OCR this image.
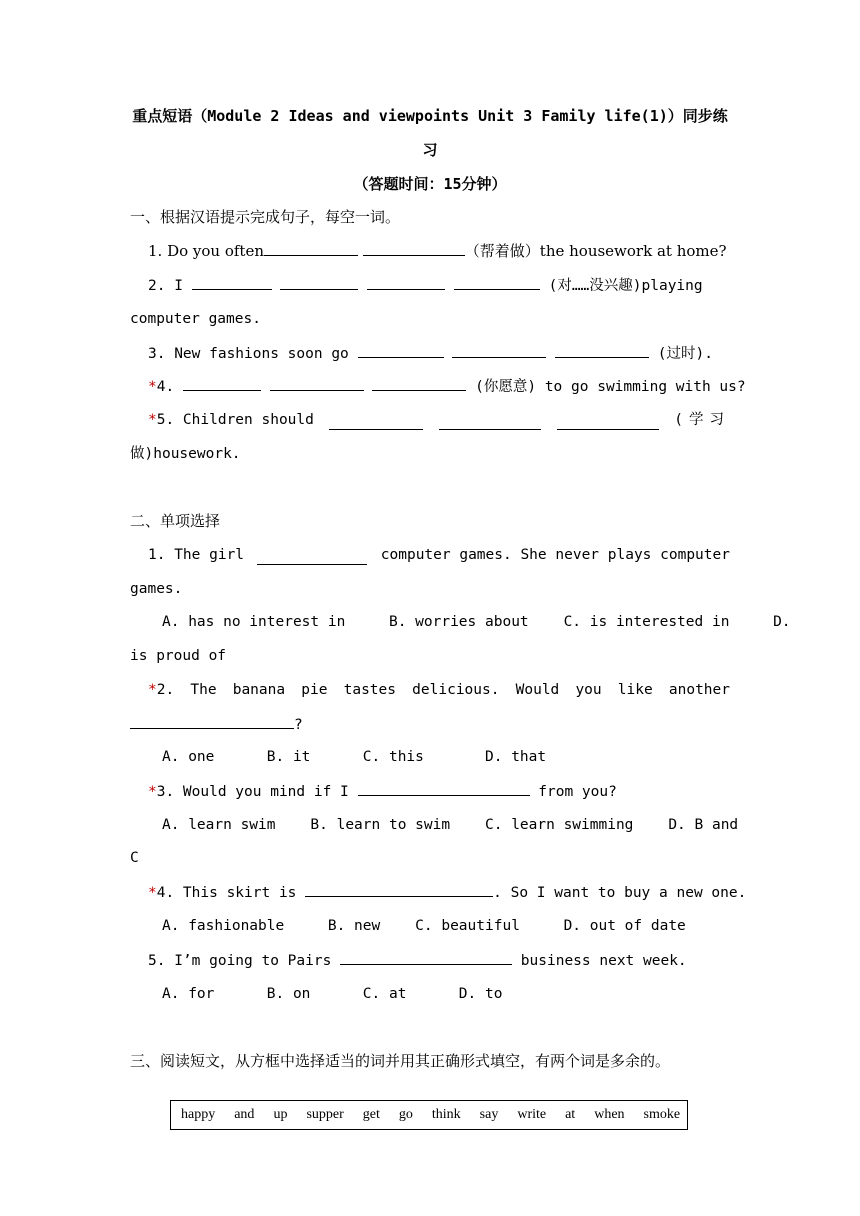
重点短语（Module 2 Ideas and viewpoints Unit 3 Family life(1)）同步练
习
（答题时间：15分钟）
一、根据汉语提示完成句子，每空一词。
1. Do you often	（帮着做）the housework at home?
2. I	(对……没兴趣)playing
computer games.
3. New fashions soon go	(过时).
*4.	(你愿意) to go swimming with us?
*5. Children should	(学习
做)housework.
二、单项选择
1. The girl	computer games. She never plays computer
games.
A. has no interest in     B. worries about    C. is interested in     D.
is proud of
*2. The banana pie tastes delicious. Would you like another
?
A. one      B. it      C. this       D. that
*3. Would you mind if I	from you?
A. learn swim    B. learn to swim    C. learn swimming    D. B and
C
*4. This skirt is	. So I want to buy a new one.
A. fashionable     B. new    C. beautiful     D. out of date
5. I’m going to Pairs	business next week.
A. for      B. on      C. at      D. to
三、阅读短文，从方框中选择适当的词并用其正确形式填空，有两个词是多余的。
happy and up supper get go think say write at when smoke
